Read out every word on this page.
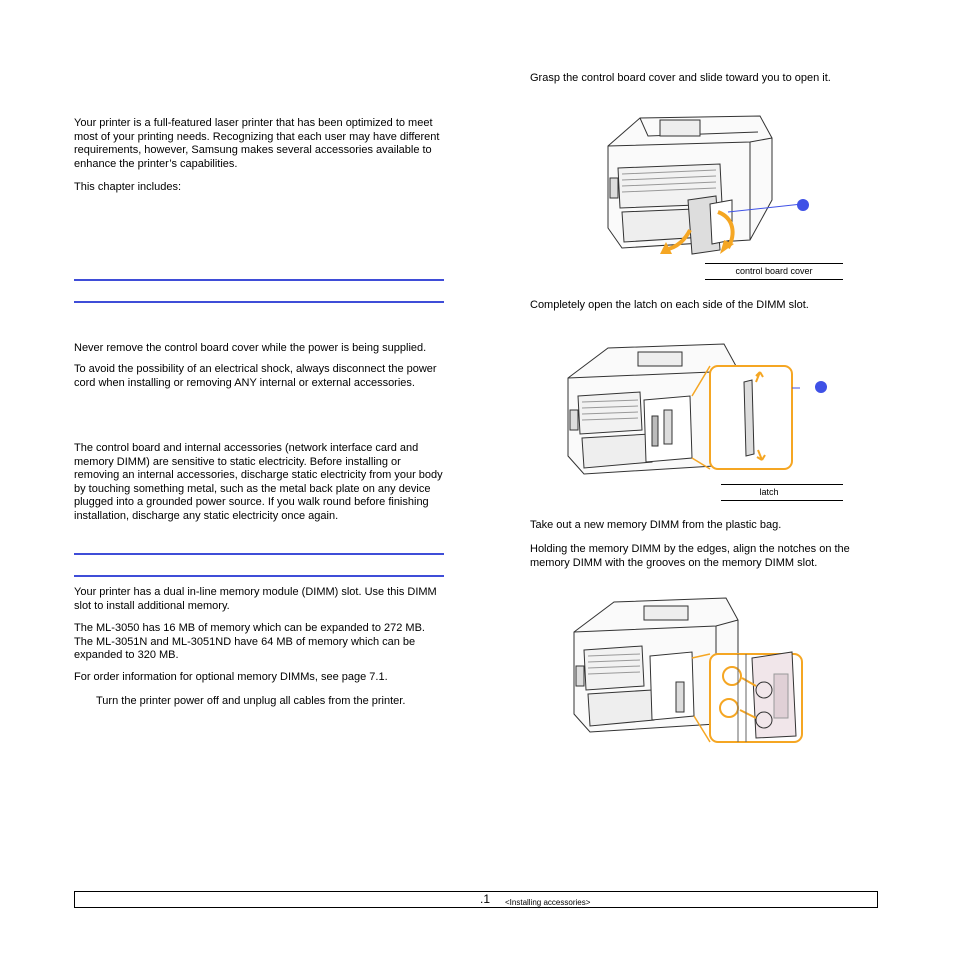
Your printer is a full-featured laser printer that has been optimized to meet most of your printing needs. Recognizing that each user may have different requirements, however, Samsung makes several accessories available to enhance the printer’s capabilities.

This chapter includes:

Never remove the control board cover while the power is being supplied.

To avoid the possibility of an electrical shock, always disconnect the power cord when installing or removing ANY internal or external accessories.

The control board and internal accessories (network interface card and memory DIMM) are sensitive to static electricity. Before installing or removing an internal accessories, discharge static electricity from your body by touching something metal, such as the metal back plate on any device plugged into a grounded power source. If you walk round before finishing installation, discharge any static electricity once again.

Your printer has a dual in-line memory module (DIMM) slot. Use this DIMM slot to install additional memory.

The ML-3050 has 16 MB of memory which can be expanded to 272 MB. The ML-3051N and ML-3051ND have 64 MB of memory which can be expanded to 320 MB.

For order information for optional memory DIMMs, see page 7.1.

Turn the printer power off and unplug all cables from the printer.

Grasp the control board cover and slide toward you to open it.

control board cover

Completely open the latch on each side of the DIMM slot.

latch

Take out a new memory DIMM from the plastic bag.

Holding the memory DIMM by the edges, align the notches on the memory DIMM with the grooves on the memory DIMM slot.

.1 <Installing accessories>
